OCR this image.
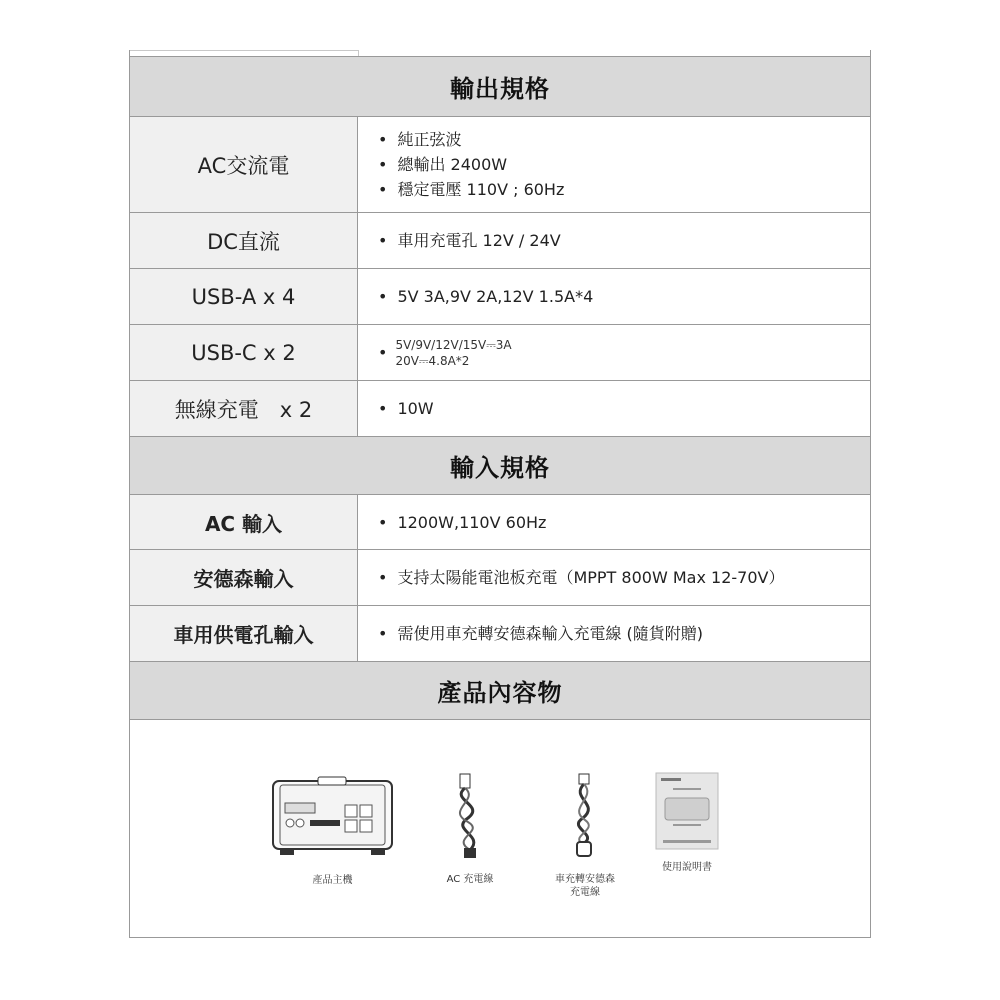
輸出規格
AC交流電
• 純正弦波
• 總輸出 2400W
• 穩定電壓 110V ; 60Hz
DC直流	• 車用充電孔 12V / 24V
USB-A x 4	• 5V 3A,9V 2A,12V 1.5A*4
USB-C x 2	• 5V/9V/12V/15V⎓3A
20V⎓4.8A*2
無線充電　x 2	• 10W
輸入規格
AC 輸入	• 1200W,110V 60Hz
安德森輸入	• 支持太陽能電池板充電（MPPT 800W Max 12-70V）
車用供電孔輸入	• 需使用車充轉安德森輸入充電線 (隨貨附贈)
產品內容物
產品主機	AC 充電線	車充轉安德森
充電線
使用說明書
